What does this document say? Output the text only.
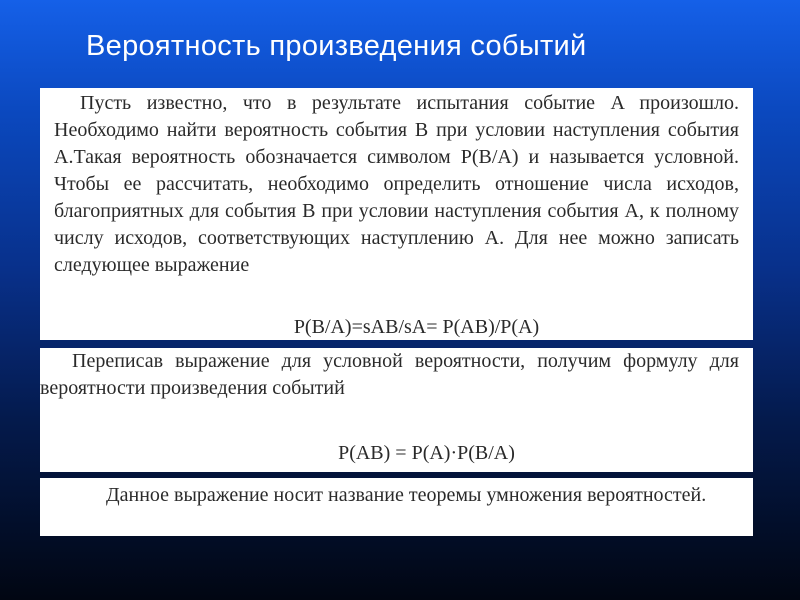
Вероятность произведения событий

Пусть известно, что в результате испытания событие A произошло. Необходимо найти вероятность события B при условии наступления события A.Такая вероятность обозначается символом P(B/A) и называется условной. Чтобы ее рассчитать, необходимо определить отношение числа исходов, благоприятных для события B при условии наступления события A, к полному числу исходов, соответствующих наступлению A. Для нее можно записать следующее выражение

P(B/A)=sAB/sA= P(AB)/P(A)

Переписав выражение для условной вероятности, получим формулу для вероятности произведения событий

P(AB) = P(A)·P(B/A)

Данное выражение носит название теоремы умножения вероятностей.
